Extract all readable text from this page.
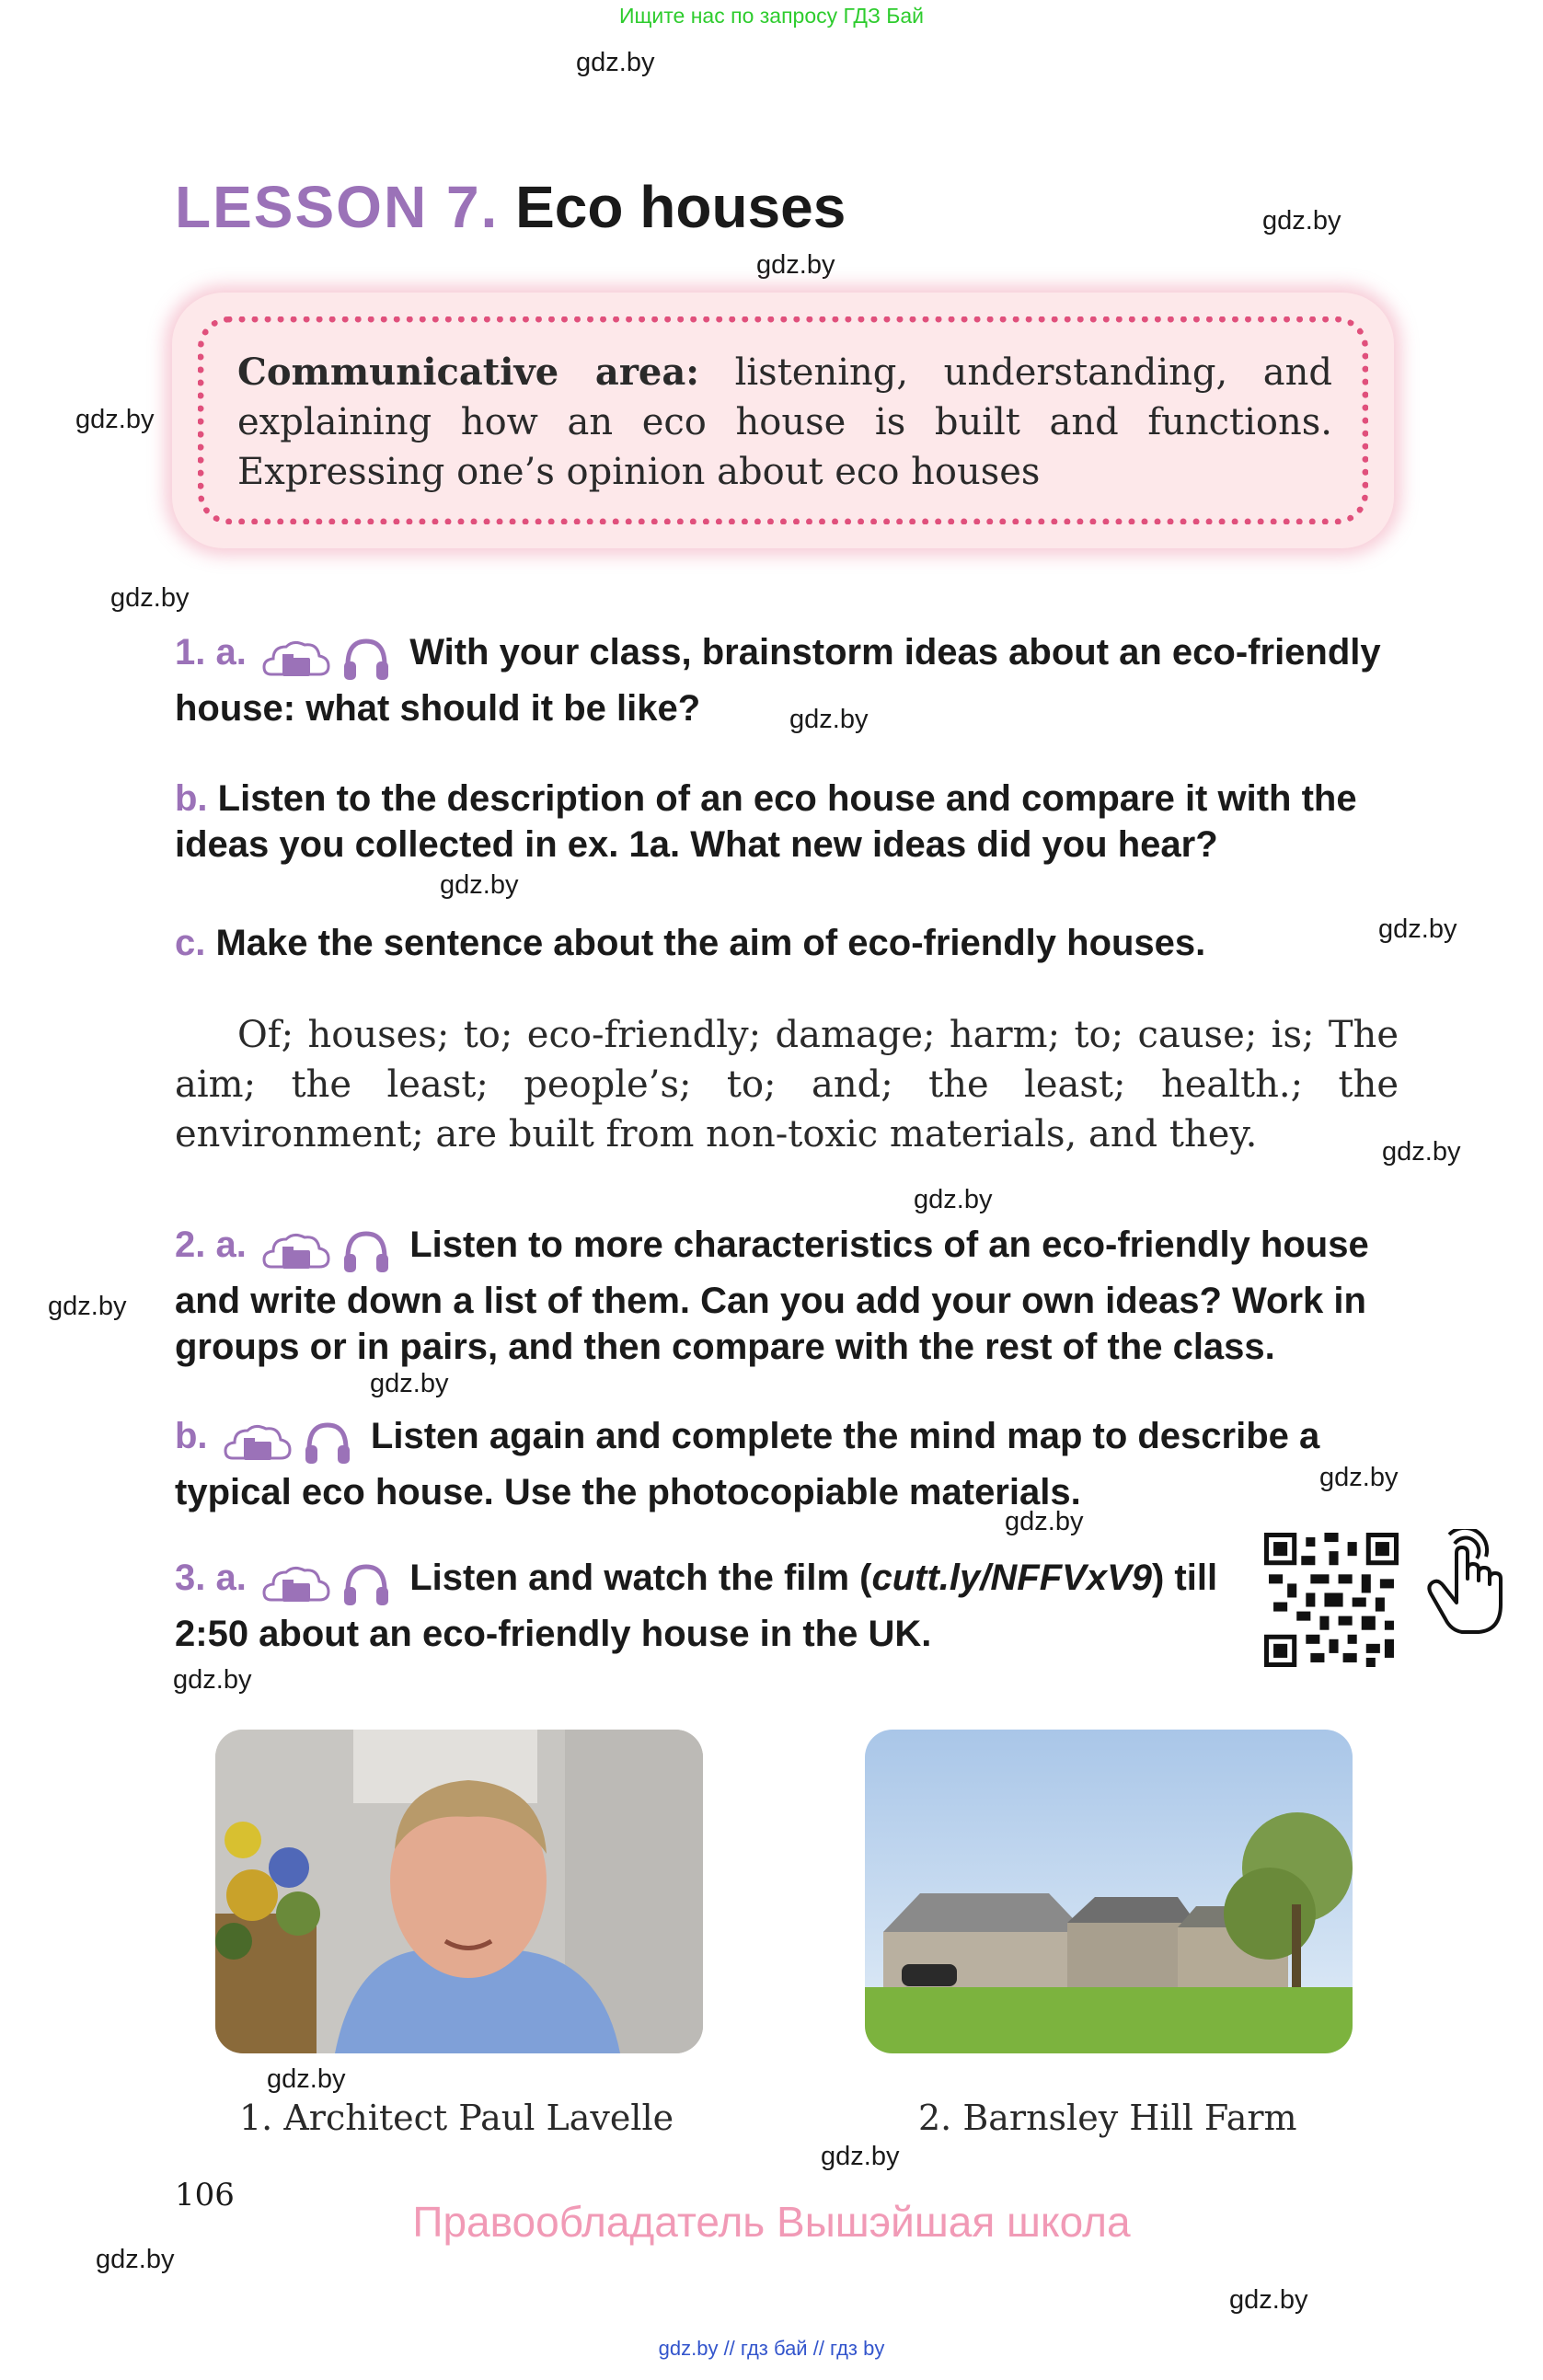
Ищите нас по запросу ГДЗ Бай
gdz.by
gdz.by
gdz.by
gdz.by
gdz.by
gdz.by
gdz.by
gdz.by
gdz.by
gdz.by
gdz.by
gdz.by
gdz.by
gdz.by
gdz.by
gdz.by
gdz.by
gdz.by
gdz.by
LESSON 7. Eco houses
Communicative area: listening, understanding, and explaining how an eco house is built and functions. Expressing one’s opinion about eco houses
1. a.	With your class, brainstorm ideas about an eco-friendly house: what should it be like?
b. Listen to the description of an eco house and compare it with the ideas you collected in ex. 1a. What new ideas did you hear?
c. Make the sentence about the aim of eco-friendly houses.
Of; houses; to; eco-friendly; damage; harm; to; cause; is; The aim; the least; people’s; to; and; the least; health.; the environment; are built from non-toxic materials, and they.
2. a.	Listen to more characteristics of an eco-friendly house and write down a list of them. Can you add your own ideas? Work in groups or in pairs, and then compare with the rest of the class.
b.	Listen again and complete the mind map to describe a typical eco house. Use the photocopiable materials.
3. a.	Listen and watch the film (cutt.ly/NFFVxV9) till 2:50 about an eco-friendly house in the UK.
1. Architect Paul Lavelle	2. Barnsley Hill Farm
106
Правообладатель Вышэйшая школа
gdz.by // гдз бай // гдз by
